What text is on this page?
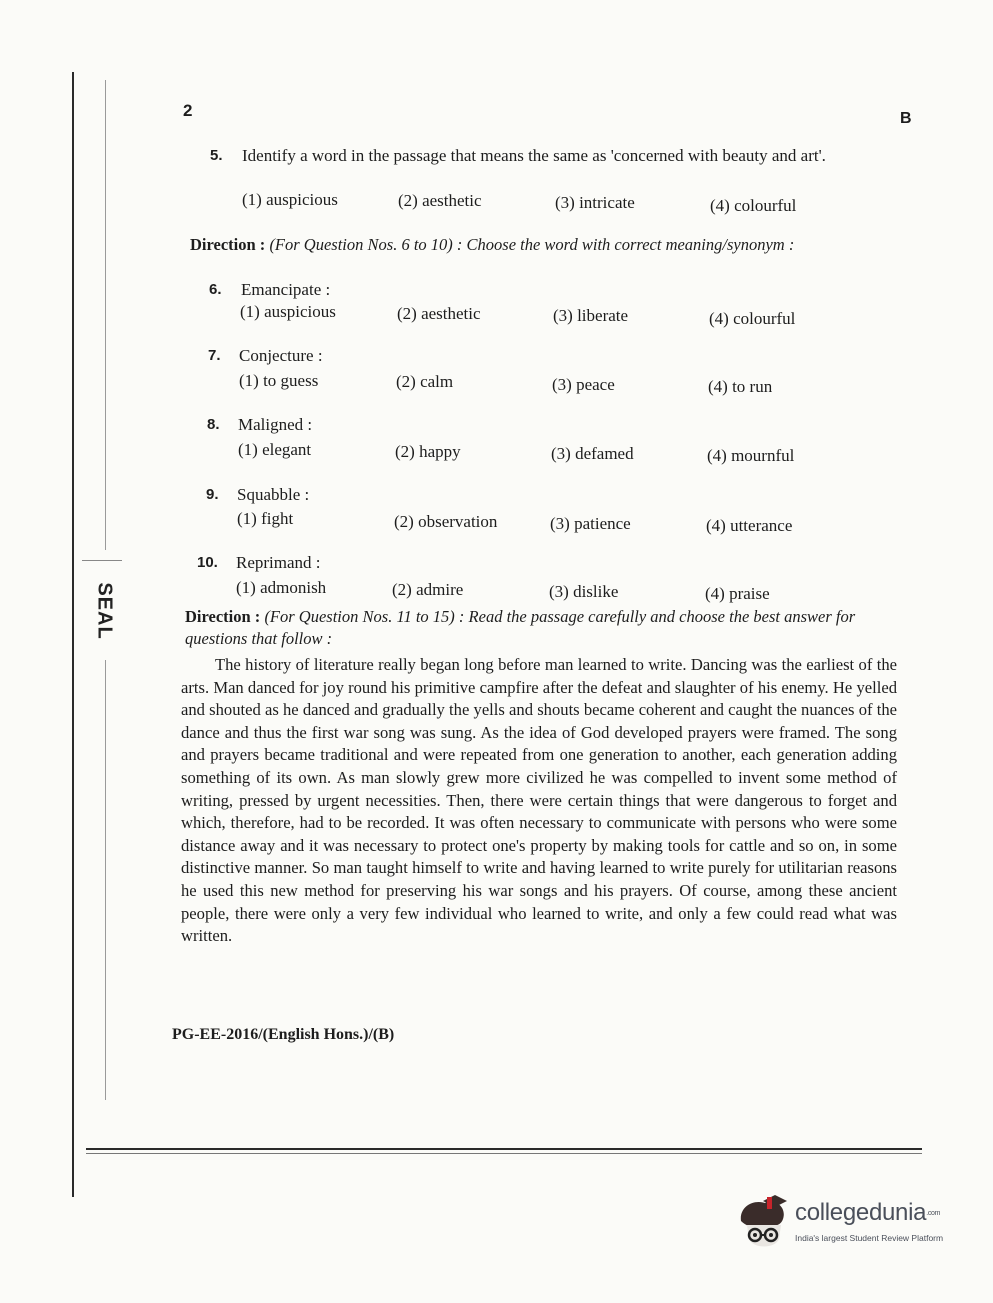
SEAL
2	B
5. Identify a word in the passage that means the same as 'concerned with beauty and art'.
(1) auspicious	(2) aesthetic	(3) intricate	(4) colourful
Direction : (For Question Nos. 6 to 10) : Choose the word with correct meaning/synonym :
6. Emancipate :
(1) auspicious	(2) aesthetic	(3) liberate	(4) colourful
7. Conjecture :
(1) to guess	(2) calm	(3) peace	(4) to run
8. Maligned :
(1) elegant	(2) happy	(3) defamed	(4) mournful
9. Squabble :
(1) fight	(2) observation	(3) patience	(4) utterance
10. Reprimand :
(1) admonish	(2) admire	(3) dislike	(4) praise
Direction : (For Question Nos. 11 to 15) : Read the passage carefully and choose the best answer for questions that follow :
The history of literature really began long before man learned to write. Dancing was the earliest of the arts. Man danced for joy round his primitive campfire after the defeat and slaughter of his enemy. He yelled and shouted as he danced and gradually the yells and shouts became coherent and caught the nuances of the dance and thus the first war song was sung. As the idea of God developed prayers were framed. The song and prayers became traditional and were repeated from one generation to another, each generation adding something of its own. As man slowly grew more civilized he was compelled to invent some method of writing, pressed by urgent necessities. Then, there were certain things that were dangerous to forget and which, therefore, had to be recorded. It was often necessary to communicate with persons who were some distance away and it was necessary to protect one's property by making tools for cattle and so on, in some distinctive manner. So man taught himself to write and having learned to write purely for utilitarian reasons he used this new method for preserving his war songs and his prayers. Of course, among these ancient people, there were only a very few individual who learned to write, and only a few could read what was written.
PG-EE-2016/(English Hons.)/(B)
collegedunia.com
India's largest Student Review Platform
